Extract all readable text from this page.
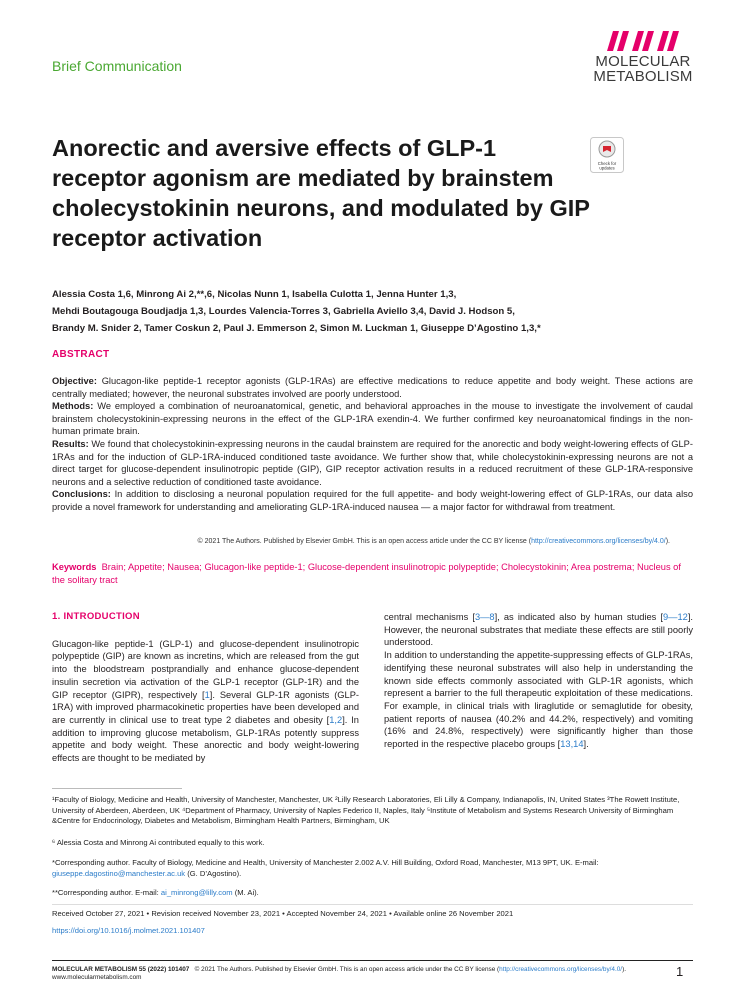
Brief Communication	MOLECULAR
METABOLISM
Anorectic and aversive effects of GLP-1 receptor agonism are mediated by brainstem cholecystokinin neurons, and modulated by GIP receptor activation
Check for
updates
Alessia Costa 1,6, Minrong Ai 2,**,6, Nicolas Nunn 1, Isabella Culotta 1, Jenna Hunter 1,3,
Mehdi Boutagouga Boudjadja 1,3, Lourdes Valencia-Torres 3, Gabriella Aviello 3,4, David J. Hodson 5,
Brandy M. Snider 2, Tamer Coskun 2, Paul J. Emmerson 2, Simon M. Luckman 1, Giuseppe D’Agostino 1,3,*
ABSTRACT

Objective: Glucagon-like peptide-1 receptor agonists (GLP-1RAs) are effective medications to reduce appetite and body weight. These actions are centrally mediated; however, the neuronal substrates involved are poorly understood.

Methods: We employed a combination of neuroanatomical, genetic, and behavioral approaches in the mouse to investigate the involvement of caudal brainstem cholecystokinin-expressing neurons in the effect of the GLP-1RA exendin-4. We further confirmed key neuroanatomical findings in the non-human primate brain.

Results: We found that cholecystokinin-expressing neurons in the caudal brainstem are required for the anorectic and body weight-lowering effects of GLP-1RAs and for the induction of GLP-1RA-induced conditioned taste avoidance. We further show that, while cholecystokinin-expressing neurons are not a direct target for glucose-dependent insulinotropic peptide (GIP), GIP receptor activation results in a reduced recruitment of these GLP-1RA-responsive neurons and a selective reduction of conditioned taste avoidance.

Conclusions: In addition to disclosing a neuronal population required for the full appetite- and body weight-lowering effect of GLP-1RAs, our data also provide a novel framework for understanding and ameliorating GLP-1RA-induced nausea — a major factor for withdrawal from treatment.

© 2021 The Authors. Published by Elsevier GmbH. This is an open access article under the CC BY license (http://creativecommons.org/licenses/by/4.0/).
Keywords Brain; Appetite; Nausea; Glucagon-like peptide-1; Glucose-dependent insulinotropic polypeptide; Cholecystokinin; Area postrema; Nucleus of the solitary tract

1. INTRODUCTION

Glucagon-like peptide-1 (GLP-1) and glucose-dependent insulinotropic polypeptide (GIP) are known as incretins, which are released from the gut into the bloodstream postprandially and enhance glucose-dependent insulin secretion via activation of the GLP-1 receptor (GLP-1R) and the GIP receptor (GIPR), respectively [1]. Several GLP-1R agonists (GLP-1RA) with improved pharmacokinetic properties have been developed and are currently in clinical use to treat type 2 diabetes and obesity [1,2]. In addition to improving glucose metabolism, GLP-1RAs potently suppress appetite and body weight. These anorectic and body weight-lowering effects are thought to be mediated by

central mechanisms [3—8], as indicated also by human studies [9—12]. However, the neuronal substrates that mediate these effects are still poorly understood.

In addition to understanding the appetite-suppressing effects of GLP-1RAs, identifying these neuronal substrates will also help in understanding the known side effects commonly associated with GLP-1R agonists, which represent a barrier to the full therapeutic exploitation of these medications. For example, in clinical trials with liraglutide or semaglutide for obesity, patient reports of nausea (40.2% and 44.2%, respectively) and vomiting (16% and 24.8%, respectively) were significantly higher than those reported in the respective placebo groups [13,14].

¹Faculty of Biology, Medicine and Health, University of Manchester, Manchester, UK ²Lilly Research Laboratories, Eli Lilly & Company, Indianapolis, IN, United States ³The Rowett Institute, University of Aberdeen, Aberdeen, UK ⁴Department of Pharmacy, University of Naples Federico II, Naples, Italy ⁵Institute of Metabolism and Systems Research University of Birmingham &Centre for Endocrinology, Diabetes and Metabolism, Birmingham Health Partners, Birmingham, UK
⁶ Alessia Costa and Minrong Ai contributed equally to this work.
*Corresponding author. Faculty of Biology, Medicine and Health, University of Manchester 2.002 A.V. Hill Building, Oxford Road, Manchester, M13 9PT, UK. E-mail: giuseppe.dagostino@manchester.ac.uk (G. D’Agostino).
**Corresponding author. E-mail: ai_minrong@lilly.com (M. Ai).
Received October 27, 2021 • Revision received November 23, 2021 • Accepted November 24, 2021 • Available online 26 November 2021
https://doi.org/10.1016/j.molmet.2021.101407
MOLECULAR METABOLISM 55 (2022) 101407 © 2021 The Authors. Published by Elsevier GmbH. This is an open access article under the CC BY license (http://creativecommons.org/licenses/by/4.0/).
www.molecularmetabolism.com	1
